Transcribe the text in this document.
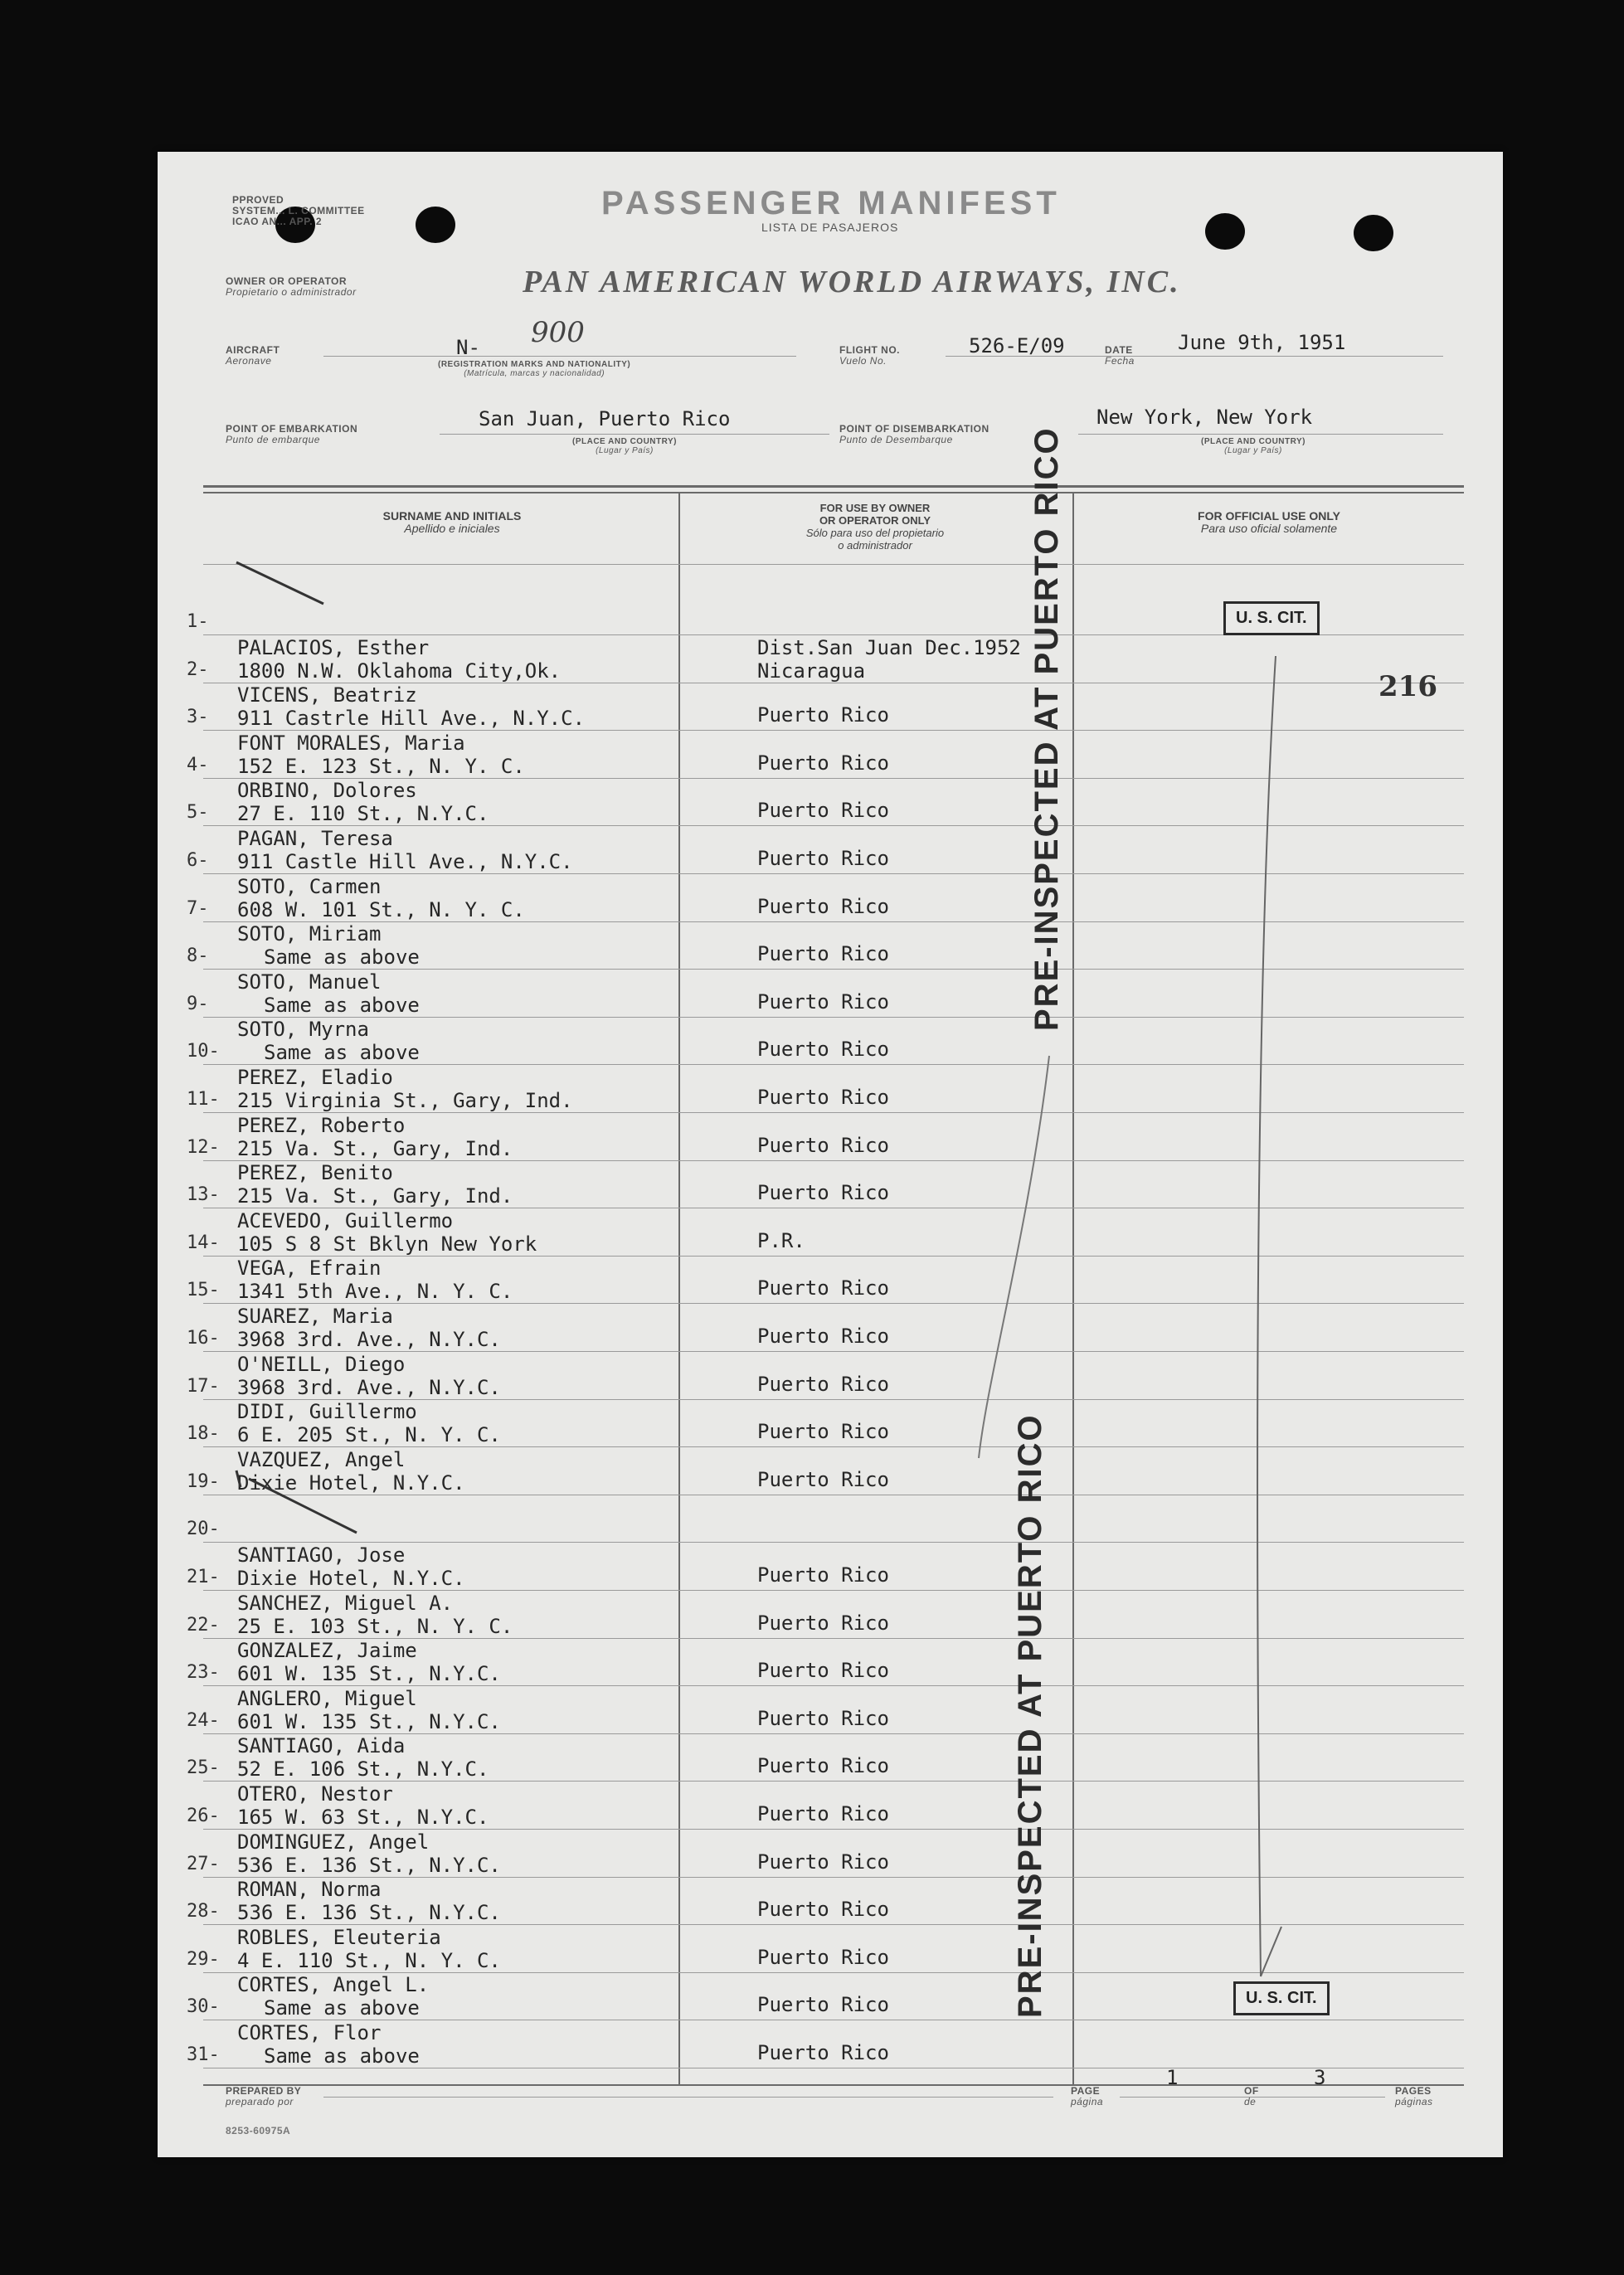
PPROVED
SYSTEM... L. COMMITTEE
ICAO AN... APP. 2	PASSENGER MANIFEST
LISTA DE PASAJEROS
OWNER OR OPERATOR
Propietario o administrador	PAN AMERICAN WORLD AIRWAYS, INC.
AIRCRAFT
Aeronave
N- 900
(REGISTRATION MARKS AND NATIONALITY)
(Matrícula, marcas y nacionalidad)
FLIGHT NO.
Vuelo No.
526-E/09	DATE
Fecha
June 9th, 1951
POINT OF EMBARKATION
Punto de embarque
San Juan, Puerto Rico
(PLACE AND COUNTRY)
(Lugar y País)
POINT OF DISEMBARKATION
Punto de Desembarque
New York, New York
(PLACE AND COUNTRY)
(Lugar y País)
SURNAME AND INITIALS
Apellido e iniciales
FOR USE BY OWNER
OR OPERATOR ONLY
Sólo para uso del propietario
o administrador
FOR OFFICIAL USE ONLY
Para uso oficial solamente
1-
2-
PALACIOS, Esther
1800 N.W. Oklahoma City,Ok.
Dist.San Juan Dec.1952
Nicaragua
3-
VICENS, Beatriz
911 Castrle Hill Ave., N.Y.C.	Puerto Rico
4-
FONT MORALES, Maria
152 E. 123 St., N. Y. C.	Puerto Rico
5-
ORBINO, Dolores
27 E. 110 St., N.Y.C.	Puerto Rico
6-
PAGAN, Teresa
911 Castle Hill Ave., N.Y.C.	Puerto Rico
7-
SOTO, Carmen
608 W. 101 St., N. Y. C.	Puerto Rico
8-
SOTO, Miriam
Same as above	Puerto Rico
9-
SOTO, Manuel
Same as above	Puerto Rico
10-
SOTO, Myrna
Same as above	Puerto Rico
11-
PEREZ, Eladio
215 Virginia St., Gary, Ind.	Puerto Rico
12-
PEREZ, Roberto
215 Va. St., Gary, Ind.	Puerto Rico
13-
PEREZ, Benito
215 Va. St., Gary, Ind.	Puerto Rico
14-
ACEVEDO, Guillermo
105 S 8 St Bklyn New York	P.R.
15-
VEGA, Efrain
1341 5th Ave., N. Y. C.	Puerto Rico
16-
SUAREZ, Maria
3968 3rd. Ave., N.Y.C.	Puerto Rico
17-
O'NEILL, Diego
3968 3rd. Ave., N.Y.C.	Puerto Rico
18-
DIDI, Guillermo
6 E. 205 St., N. Y. C.	Puerto Rico
19-
VAZQUEZ, Angel
Dixie Hotel, N.Y.C.	Puerto Rico
20-
21-
SANTIAGO, Jose
Dixie Hotel, N.Y.C.	Puerto Rico
22-
SANCHEZ, Miguel A.
25 E. 103 St., N. Y. C.	Puerto Rico
23-
GONZALEZ, Jaime
601 W. 135 St., N.Y.C.	Puerto Rico
24-
ANGLERO, Miguel
601 W. 135 St., N.Y.C.	Puerto Rico
25-
SANTIAGO, Aida
52 E. 106 St., N.Y.C.	Puerto Rico
26-
OTERO, Nestor
165 W. 63 St., N.Y.C.	Puerto Rico
27-
DOMINGUEZ, Angel
536 E. 136 St., N.Y.C.	Puerto Rico
28-
ROMAN, Norma
536 E. 136 St., N.Y.C.	Puerto Rico
29-
ROBLES, Eleuteria
4 E. 110 St., N. Y. C.	Puerto Rico
30-
CORTES, Angel L.
Same as above	Puerto Rico
31-
CORTES, Flor
Same as above	Puerto Rico
PRE-INSPECTED AT PUERTO RICO
PRE-INSPECTED AT PUERTO RICO
U. S. CIT.
U. S. CIT.
216
PREPARED BY
preparado por
PAGE
página
1
OF
de
3
PAGES
páginas
8253-60975A
